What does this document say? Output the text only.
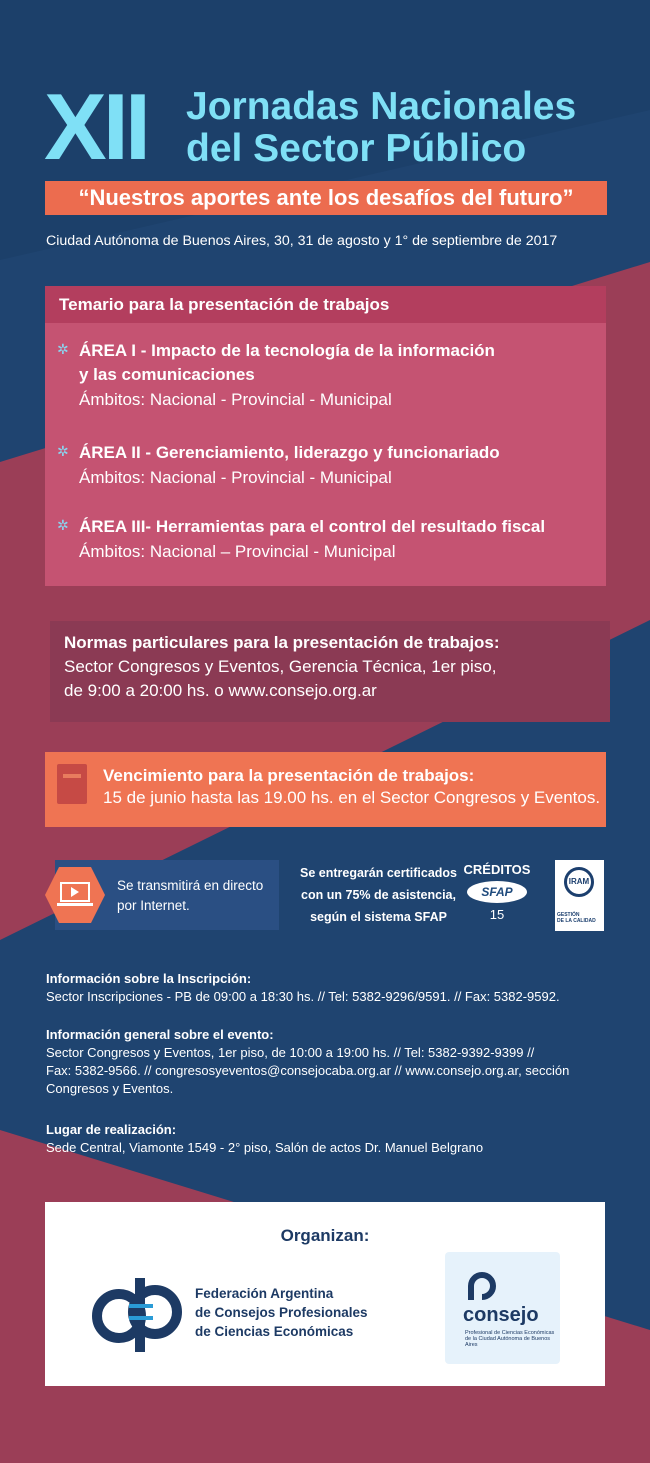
XII Jornadas Nacionales
del Sector Público
“Nuestros aportes ante los desafíos del futuro”
Ciudad Autónoma de Buenos Aires, 30, 31 de agosto y 1° de septiembre de 2017
Temario para la presentación de trabajos
✲ ÁREA I - Impacto de la tecnología de la información
y las comunicaciones
Ámbitos: Nacional - Provincial - Municipal
✲ ÁREA II - Gerenciamiento, liderazgo y funcionariado
Ámbitos: Nacional - Provincial - Municipal
✲ ÁREA III- Herramientas para el control del resultado fiscal
Ámbitos: Nacional – Provincial - Municipal
Normas particulares para la presentación de trabajos:
Sector Congresos y Eventos, Gerencia Técnica, 1er piso,
de 9:00 a 20:00 hs. o www.consejo.org.ar
Vencimiento para la presentación de trabajos:
15 de junio hasta las 19.00 hs. en el Sector Congresos y Eventos.
Se transmitirá en directo
por Internet.
Se entregarán certificados
con un 75% de asistencia,
según el sistema SFAP
CRÉDITOS
SFAP
15
IRAM
GESTIÓN
DE LA CALIDAD
Información sobre la Inscripción:
Sector Inscripciones - PB de 09:00 a 18:30 hs. // Tel: 5382-9296/9591. // Fax: 5382-9592.
Información general sobre el evento:
Sector Congresos y Eventos, 1er piso, de 10:00 a 19:00 hs. // Tel: 5382-9392-9399 //
Fax: 5382-9566. // congresosyeventos@consejocaba.org.ar // www.consejo.org.ar, sección
Congresos y Eventos.
Lugar de realización:
Sede Central, Viamonte 1549 - 2° piso, Salón de actos Dr. Manuel Belgrano
Organizan:
Federación Argentina
de Consejos Profesionales
de Ciencias Económicas
consejo
Profesional de Ciencias Económicas de la Ciudad Autónoma de Buenos Aires
